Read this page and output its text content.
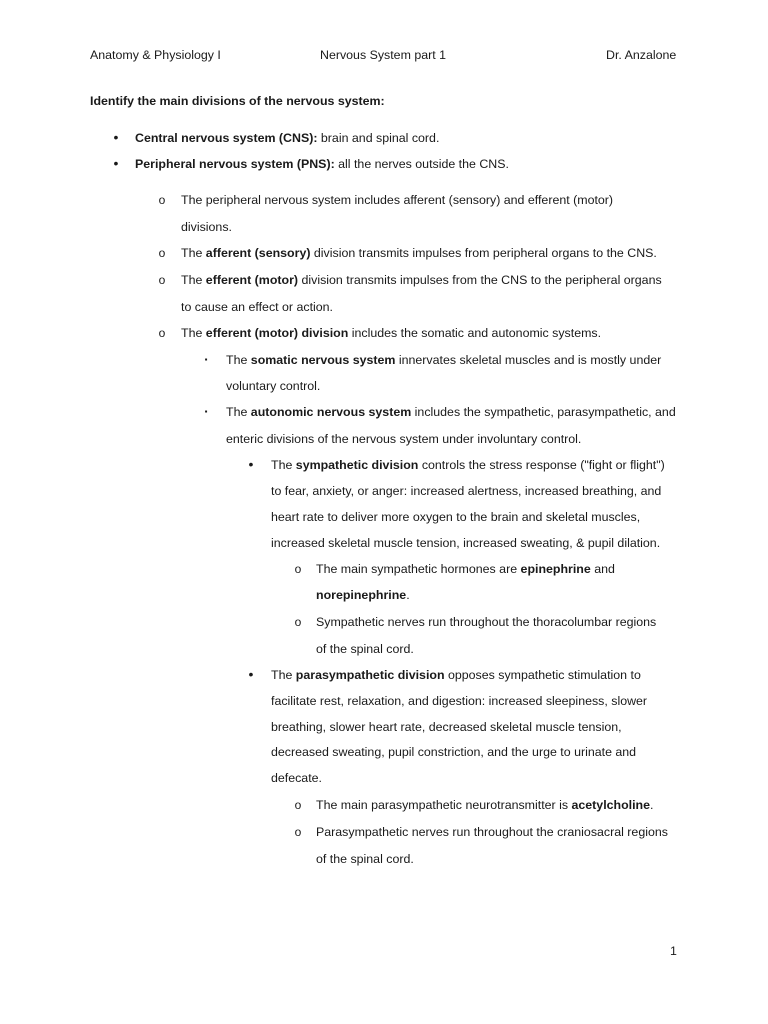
Anatomy & Physiology I	Nervous System part 1	Dr. Anzalone
Identify the main divisions of the nervous system:
• Central nervous system (CNS): brain and spinal cord.
• Peripheral nervous system (PNS): all the nerves outside the CNS.
o The peripheral nervous system includes afferent (sensory) and efferent (motor)
divisions.
o The afferent (sensory) division transmits impulses from peripheral organs to the CNS.
o The efferent (motor) division transmits impulses from the CNS to the peripheral organs
to cause an effect or action.
o The efferent (motor) division includes the somatic and autonomic systems.
▪	The somatic nervous system innervates skeletal muscles and is mostly under
voluntary control.
▪	The autonomic nervous system includes the sympathetic, parasympathetic, and
enteric divisions of the nervous system under involuntary control.
• The sympathetic division controls the stress response ("fight or flight")
to fear, anxiety, or anger: increased alertness, increased breathing, and
heart rate to deliver more oxygen to the brain and skeletal muscles,
increased skeletal muscle tension, increased sweating, & pupil dilation.
o The main sympathetic hormones are epinephrine and
norepinephrine.
o Sympathetic nerves run throughout the thoracolumbar regions
of the spinal cord.
• The parasympathetic division opposes sympathetic stimulation to
facilitate rest, relaxation, and digestion: increased sleepiness, slower
breathing, slower heart rate, decreased skeletal muscle tension,
decreased sweating, pupil constriction, and the urge to urinate and
defecate.
o The main parasympathetic neurotransmitter is acetylcholine.
o Parasympathetic nerves run throughout the craniosacral regions
of the spinal cord.
1
